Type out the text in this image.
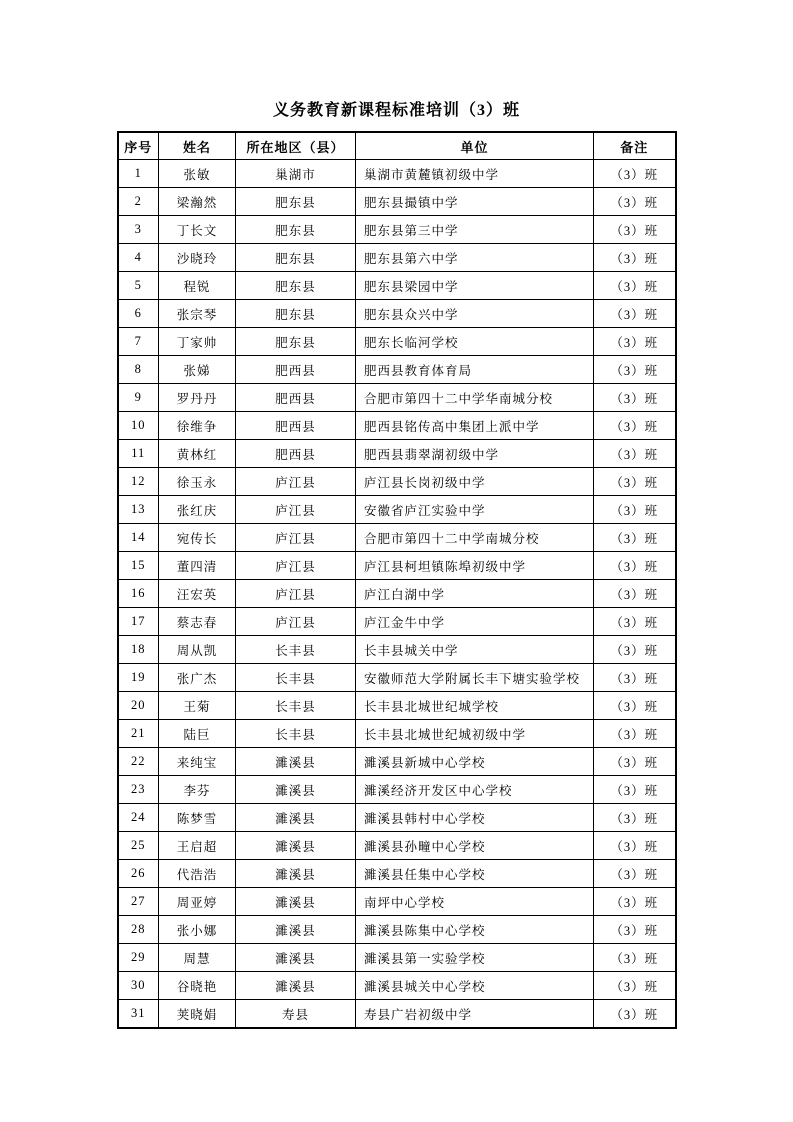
义务教育新课程标准培训（3）班
序号	姓名	所在地区（县）	单位	备注
1	张敏	巢湖市	巢湖市黄麓镇初级中学	（3）班
2	梁瀚然	肥东县	肥东县撮镇中学	（3）班
3	丁长文	肥东县	肥东县第三中学	（3）班
4	沙晓玲	肥东县	肥东县第六中学	（3）班
5	程锐	肥东县	肥东县梁园中学	（3）班
6	张宗琴	肥东县	肥东县众兴中学	（3）班
7	丁家帅	肥东县	肥东长临河学校	（3）班
8	张娣	肥西县	肥西县教育体育局	（3）班
9	罗丹丹	肥西县	合肥市第四十二中学华南城分校	（3）班
10	徐维争	肥西县	肥西县铭传高中集团上派中学	（3）班
11	黄林红	肥西县	肥西县翡翠湖初级中学	（3）班
12	徐玉永	庐江县	庐江县长岗初级中学	（3）班
13	张红庆	庐江县	安徽省庐江实验中学	（3）班
14	宛传长	庐江县	合肥市第四十二中学南城分校	（3）班
15	董四清	庐江县	庐江县柯坦镇陈埠初级中学	（3）班
16	汪宏英	庐江县	庐江白湖中学	（3）班
17	蔡志春	庐江县	庐江金牛中学	（3）班
18	周从凯	长丰县	长丰县城关中学	（3）班
19	张广杰	长丰县	安徽师范大学附属长丰下塘实验学校	（3）班
20	王菊	长丰县	长丰县北城世纪城学校	（3）班
21	陆巨	长丰县	长丰县北城世纪城初级中学	（3）班
22	来纯宝	濉溪县	濉溪县新城中心学校	（3）班
23	李芬	濉溪县	濉溪经济开发区中心学校	（3）班
24	陈梦雪	濉溪县	濉溪县韩村中心学校	（3）班
25	王启超	濉溪县	濉溪县孙疃中心学校	（3）班
26	代浩浩	濉溪县	濉溪县任集中心学校	（3）班
27	周亚婷	濉溪县	南坪中心学校	（3）班
28	张小娜	濉溪县	濉溪县陈集中心学校	（3）班
29	周慧	濉溪县	濉溪县第一实验学校	（3）班
30	谷晓艳	濉溪县	濉溪县城关中心学校	（3）班
31	荚晓娟	寿县	寿县广岩初级中学	（3）班
